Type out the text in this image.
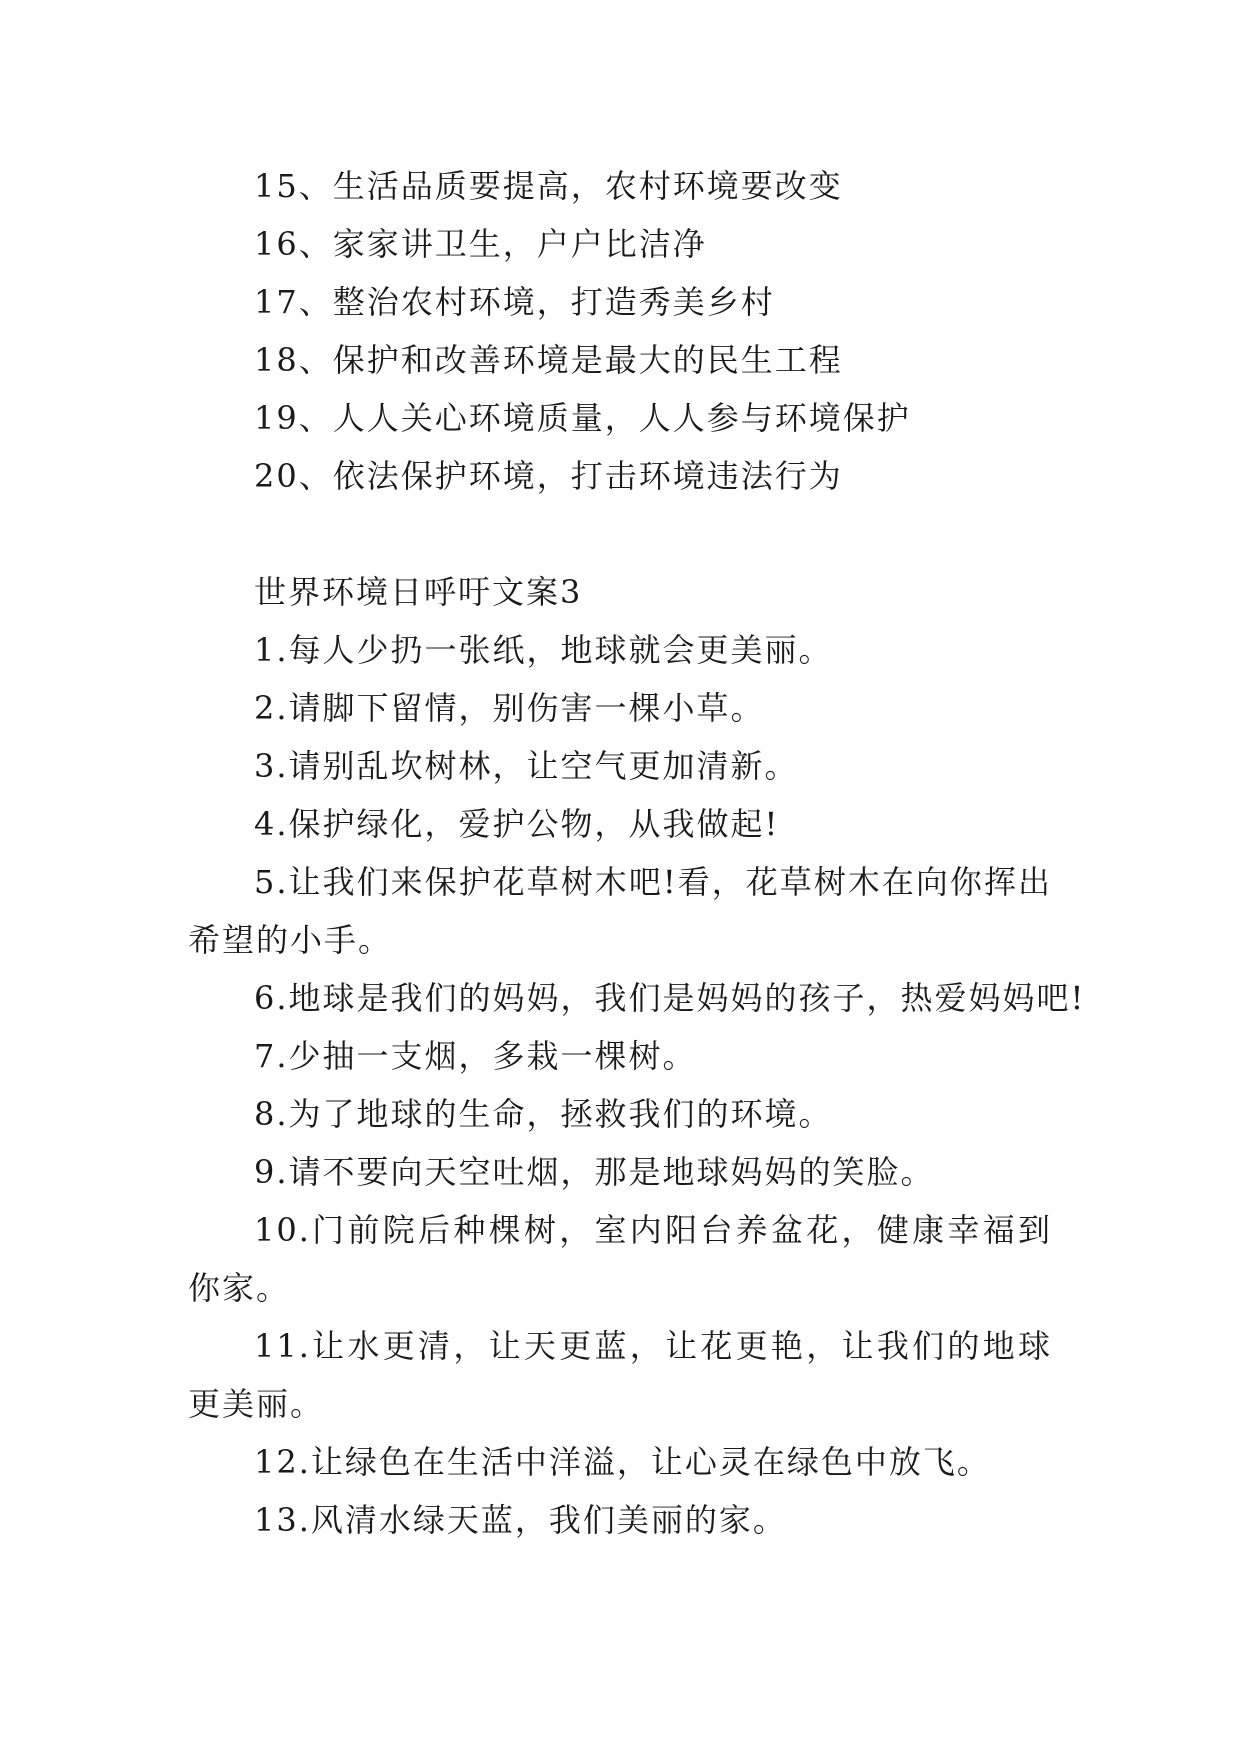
15、生活品质要提高，农村环境要改变

16、家家讲卫生，户户比洁净

17、整治农村环境，打造秀美乡村

18、保护和改善环境是最大的民生工程

19、人人关心环境质量，人人参与环境保护

20、依法保护环境，打击环境违法行为

世界环境日呼吁文案3

1.每人少扔一张纸，地球就会更美丽。

2.请脚下留情，别伤害一棵小草。

3.请别乱坎树林，让空气更加清新。

4.保护绿化，爱护公物，从我做起!

5.让我们来保护花草树木吧!看，花草树木在向你挥出希望的小手。

6.地球是我们的妈妈，我们是妈妈的孩子，热爱妈妈吧!

7.少抽一支烟，多栽一棵树。

8.为了地球的生命，拯救我们的环境。

9.请不要向天空吐烟，那是地球妈妈的笑脸。

10.门前院后种棵树，室内阳台养盆花，健康幸福到你家。

11.让水更清，让天更蓝，让花更艳，让我们的地球更美丽。

12.让绿色在生活中洋溢，让心灵在绿色中放飞。

13.风清水绿天蓝，我们美丽的家。
